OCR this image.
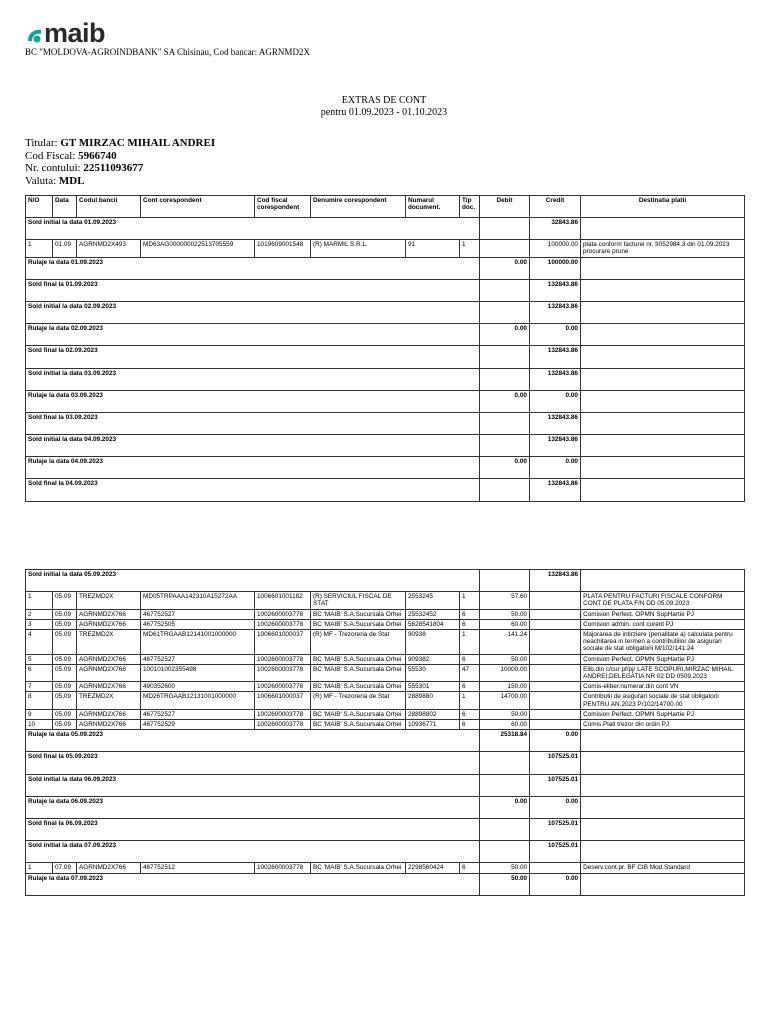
maib
BC "MOLDOVA-AGROINDBANK" SA Chisinau, Cod bancar: AGRNMD2X
EXTRAS DE CONT
pentru 01.09.2023 - 01.10.2023
Titular: GT MIRZAC MIHAIL ANDREI
Cod Fiscal: 5966740
Nr. contului: 22511093677
Valuta: MDL
N/O	Data	Codul bancii	Cont corespondent	Cod fiscal corespondent	Denumire corespondent	Numarul document.	Tip doc.	Debit	Credit	Destinatia platii
Sold initial la data 01.09.2023									32843.86	
1	01.09	AGRNMD2X493	MD63AG000000022513705559	1019609001548	(R) MARMIL S.R.L.	91	1		100000.00	plata conform facturei nr. II052984 3 din 01.09.2023 procurare prune
Rulaje la data 01.09.2023								0.00	100000.00	
Sold final la 01.09.2023									132843.86	
Sold initial la data 02.09.2023									132843.86	
Rulaje la data 02.09.2023								0.00	0.00	
Sold final la 02.09.2023									132843.86	
Sold initial la data 03.09.2023									132843.86	
Rulaje la data 03.09.2023								0.00	0.00	
Sold final la 03.09.2023									132843.86	
Sold initial la data 04.09.2023									132843.86	
Rulaje la data 04.09.2023								0.00	0.00	
Sold final la 04.09.2023									132843.86	
Sold initial la data 05.09.2023									132843.86	
1	05.09	TREZMD2X	MD05TRPAAA142310A15272AA	1006601001182	(R) SERVICIUL FISCAL DE STAT	2553245	1	57.60		PLATA PENTRU FACTURI FISCALE CONFORM CONT DE PLATA F/N DD 05.09.2023
2	05.09	AGRNMD2X766	467752527	1002600003778	BC 'MAIB' S.A.Sucursala Orhei	25532452	6	50.00		Comision Perfect. OPMN SupHartie PJ
3	05.09	AGRNMD2X766	467752505	1002600003778	BC 'MAIB' S.A.Sucursala Orhei	5628541804	6	60.00		Comision admin. cont curent PJ
4	05.09	TREZMD2X	MD61TRGAAB12141001000000	1006601000037	(R) MF - Trezoreria de Stat	90938	1	141.24		Majorarea de intirziere (penalitate a) calculata pentru neachitarea in termen a contributiilor de asigurari sociale de stat obligatorii M/102/141.24
5	05.09	AGRNMD2X766	467752527	1002600003778	BC 'MAIB' S.A.Sucursala Orhei	909382	6	50.00		Comision Perfect. OPMN SupHartie PJ
6	05.09	AGRNMD2X766	100101002355498	1002600003778	BC 'MAIB' S.A.Sucursala Orhei	55530	47	10000.00		Elib.din c/cur pf/pj/ LATE SCOPURI,MIRZAC MIHAIL ANDREI,DELEGATIA NR 02 DD 0509.2023
7	05.09	AGRNMD2X766	490352600	1002600003778	BC 'MAIB' S.A.Sucursala Orhei	555301	6	150.00		Comis-eliber.numerar.din cont VN
8	05.09	TREZMD2X	MD26TRGAAB12131001000000	1006601000037	(R) MF - Trezoreria de Stat	2889880	1	14700.00		Contributii de asigurari sociale de stat obligatorii PENTRU AN.2023 P/102/14700.00
9	05.09	AGRNMD2X766	467752527	1002600003778	BC 'MAIB' S.A.Sucursala Orhei	28898802	6	50.00		Comision Perfect. OPMN SupHartie PJ
10	05.09	AGRNMD2X766	467752529	1002600003778	BC 'MAIB' S.A.Sucursala Orhei	10936771	6	60.00		Comis.Plati trezor din ordin PJ
Rulaje la data 05.09.2023								25318.84	0.00	
Sold final la 05.09.2023									107525.01	
Sold initial la data 06.09.2023									107525.01	
Rulaje la data 06.09.2023								0.00	0.00	
Sold final la 06.09.2023									107525.01	
Sold initial la data 07.09.2023									107525.01	
1	07.09	AGRNMD2X766	467752512	1002600003778	BC 'MAIB' S.A.Sucursala Orhei	2298560424	6	50.00		Deserv.cont.pr. BF CIB Mod.Standard
Rulaje la data 07.09.2023								50.00	0.00	
